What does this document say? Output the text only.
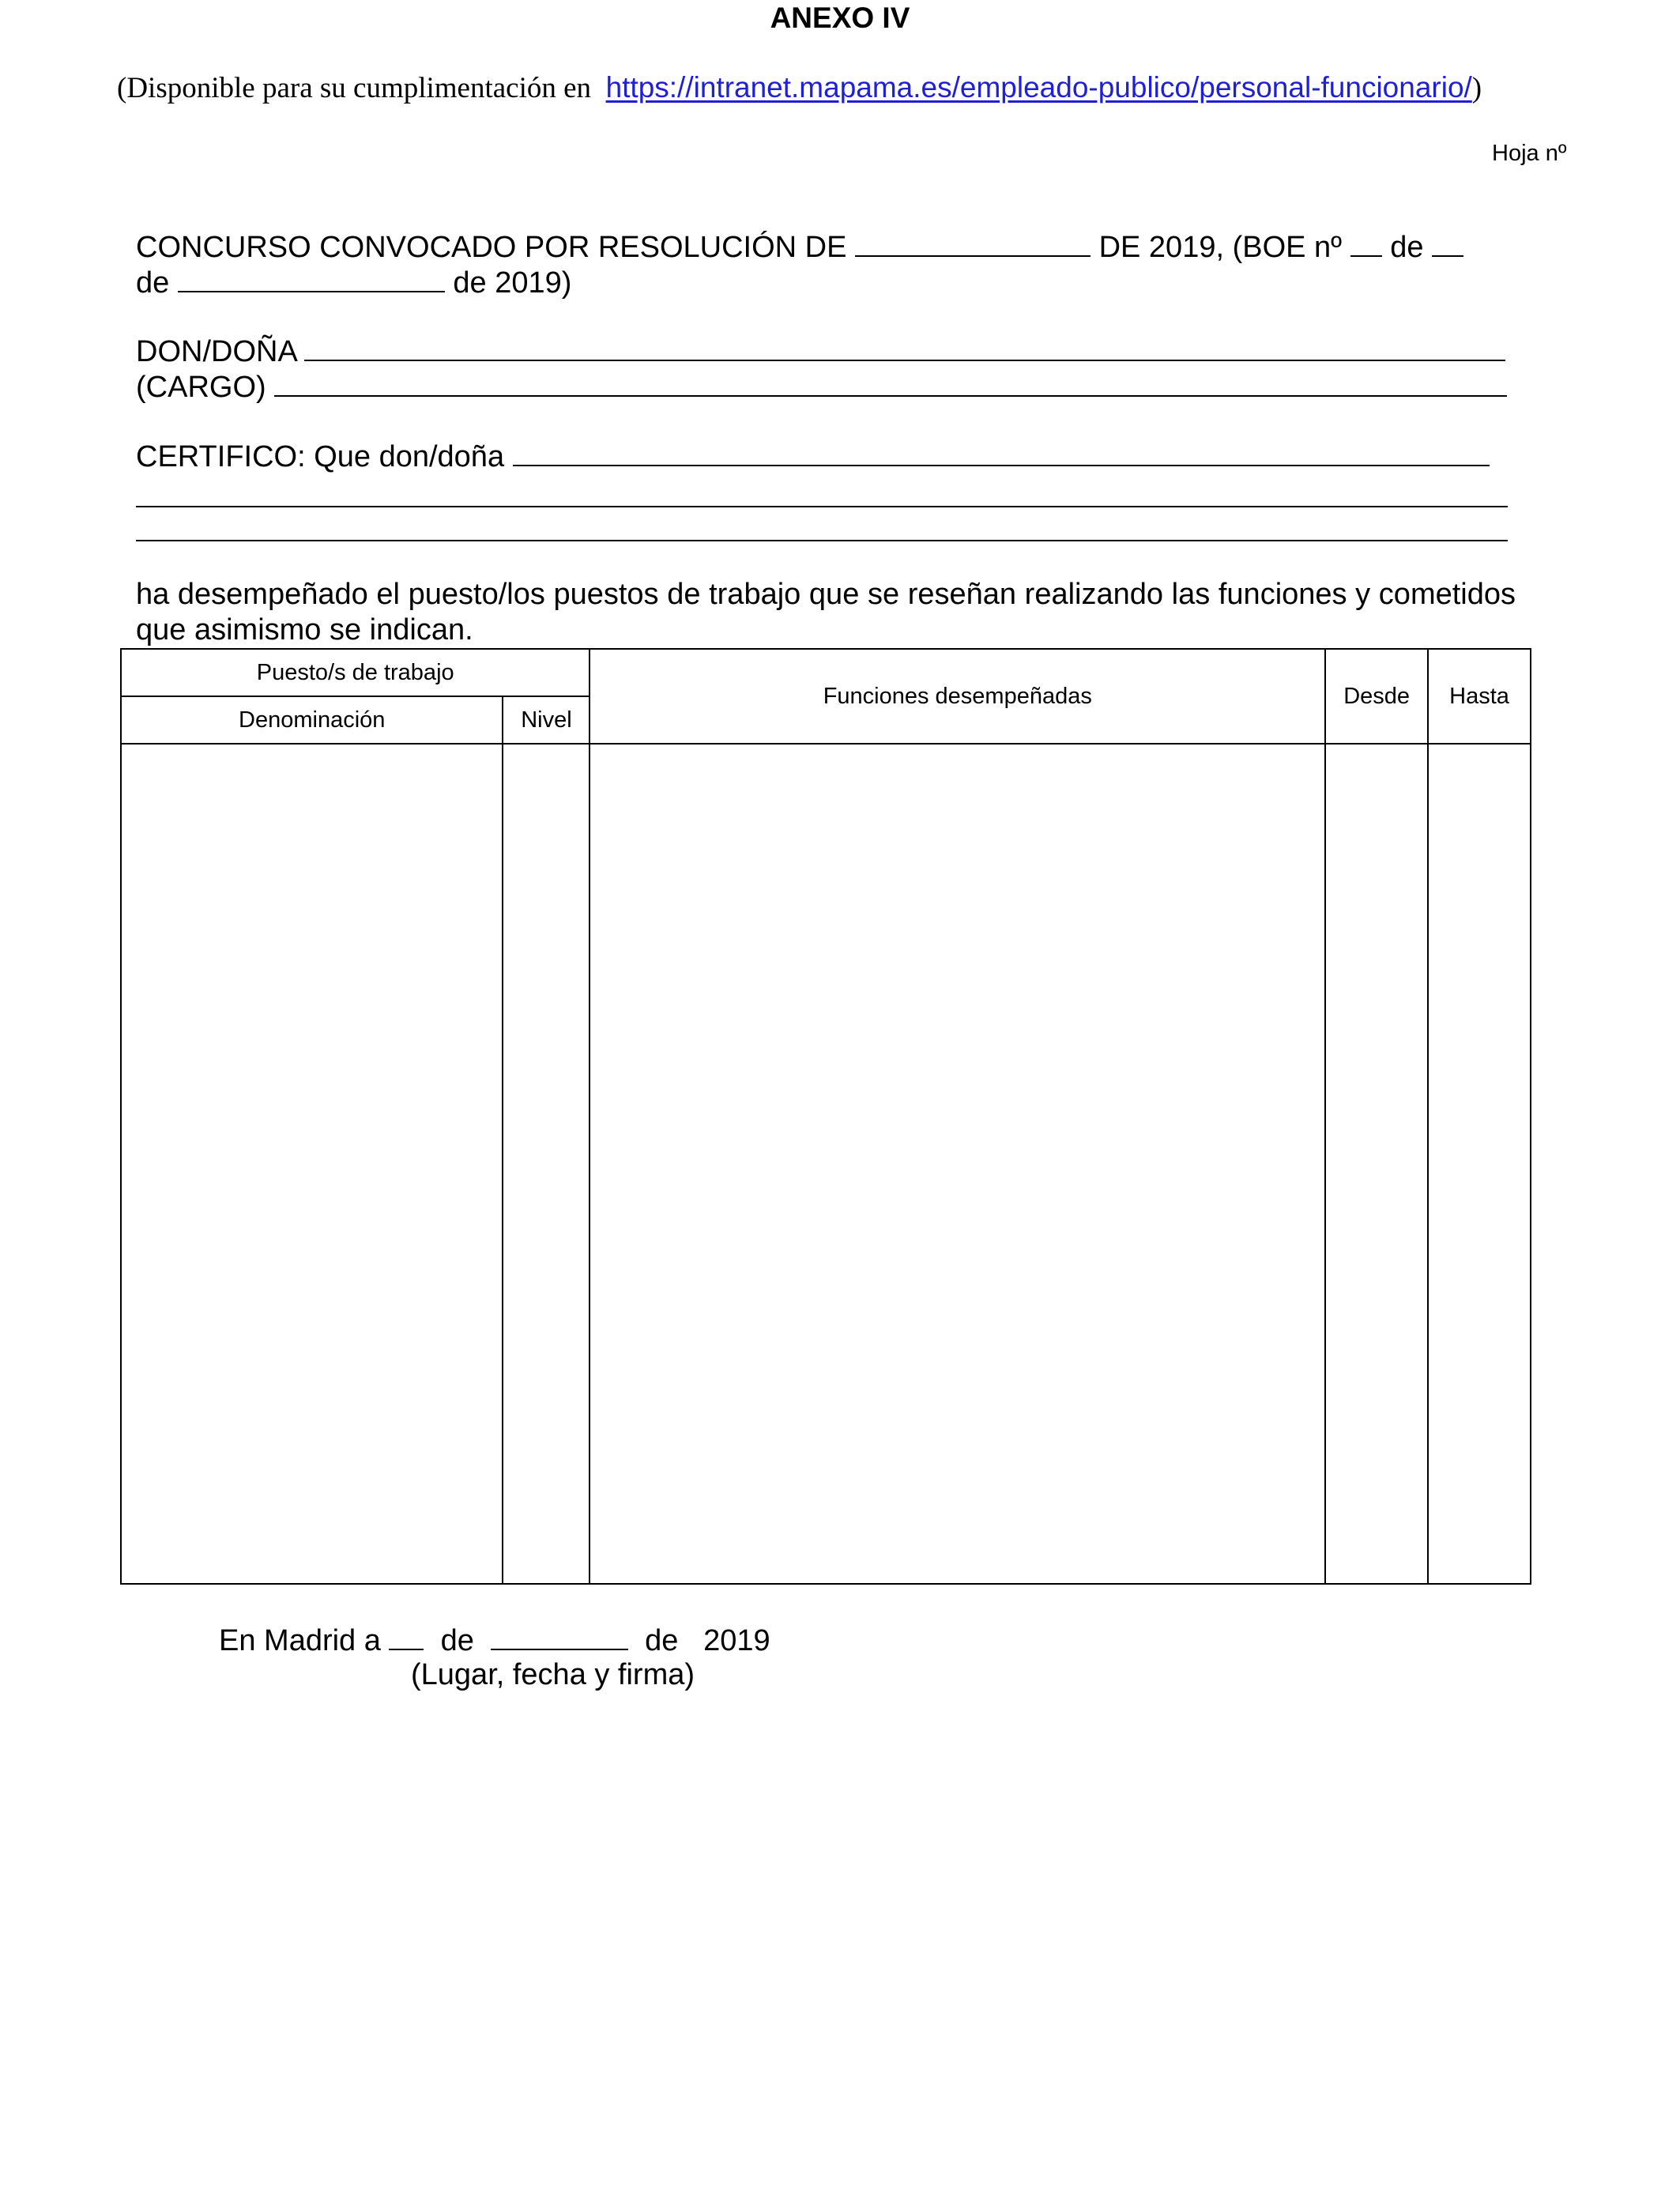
ANEXO IV
(Disponible para su cumplimentación en https://intranet.mapama.es/empleado-publico/personal-funcionario/)
Hoja nº
CONCURSO CONVOCADO POR RESOLUCIÓN DE	DE 2019, (BOE nº de
de	de 2019)
DON/DOÑA
(CARGO)
CERTIFICO: Que don/doña
ha desempeñado el puesto/los puestos de trabajo que se reseñan realizando las funciones y cometidos que asimismo se indican.
Puesto/s de trabajo		Funciones desempeñadas	Desde	Hasta
Denominación	Nivel			

En Madrid a de	de 2019
(Lugar, fecha y firma)
